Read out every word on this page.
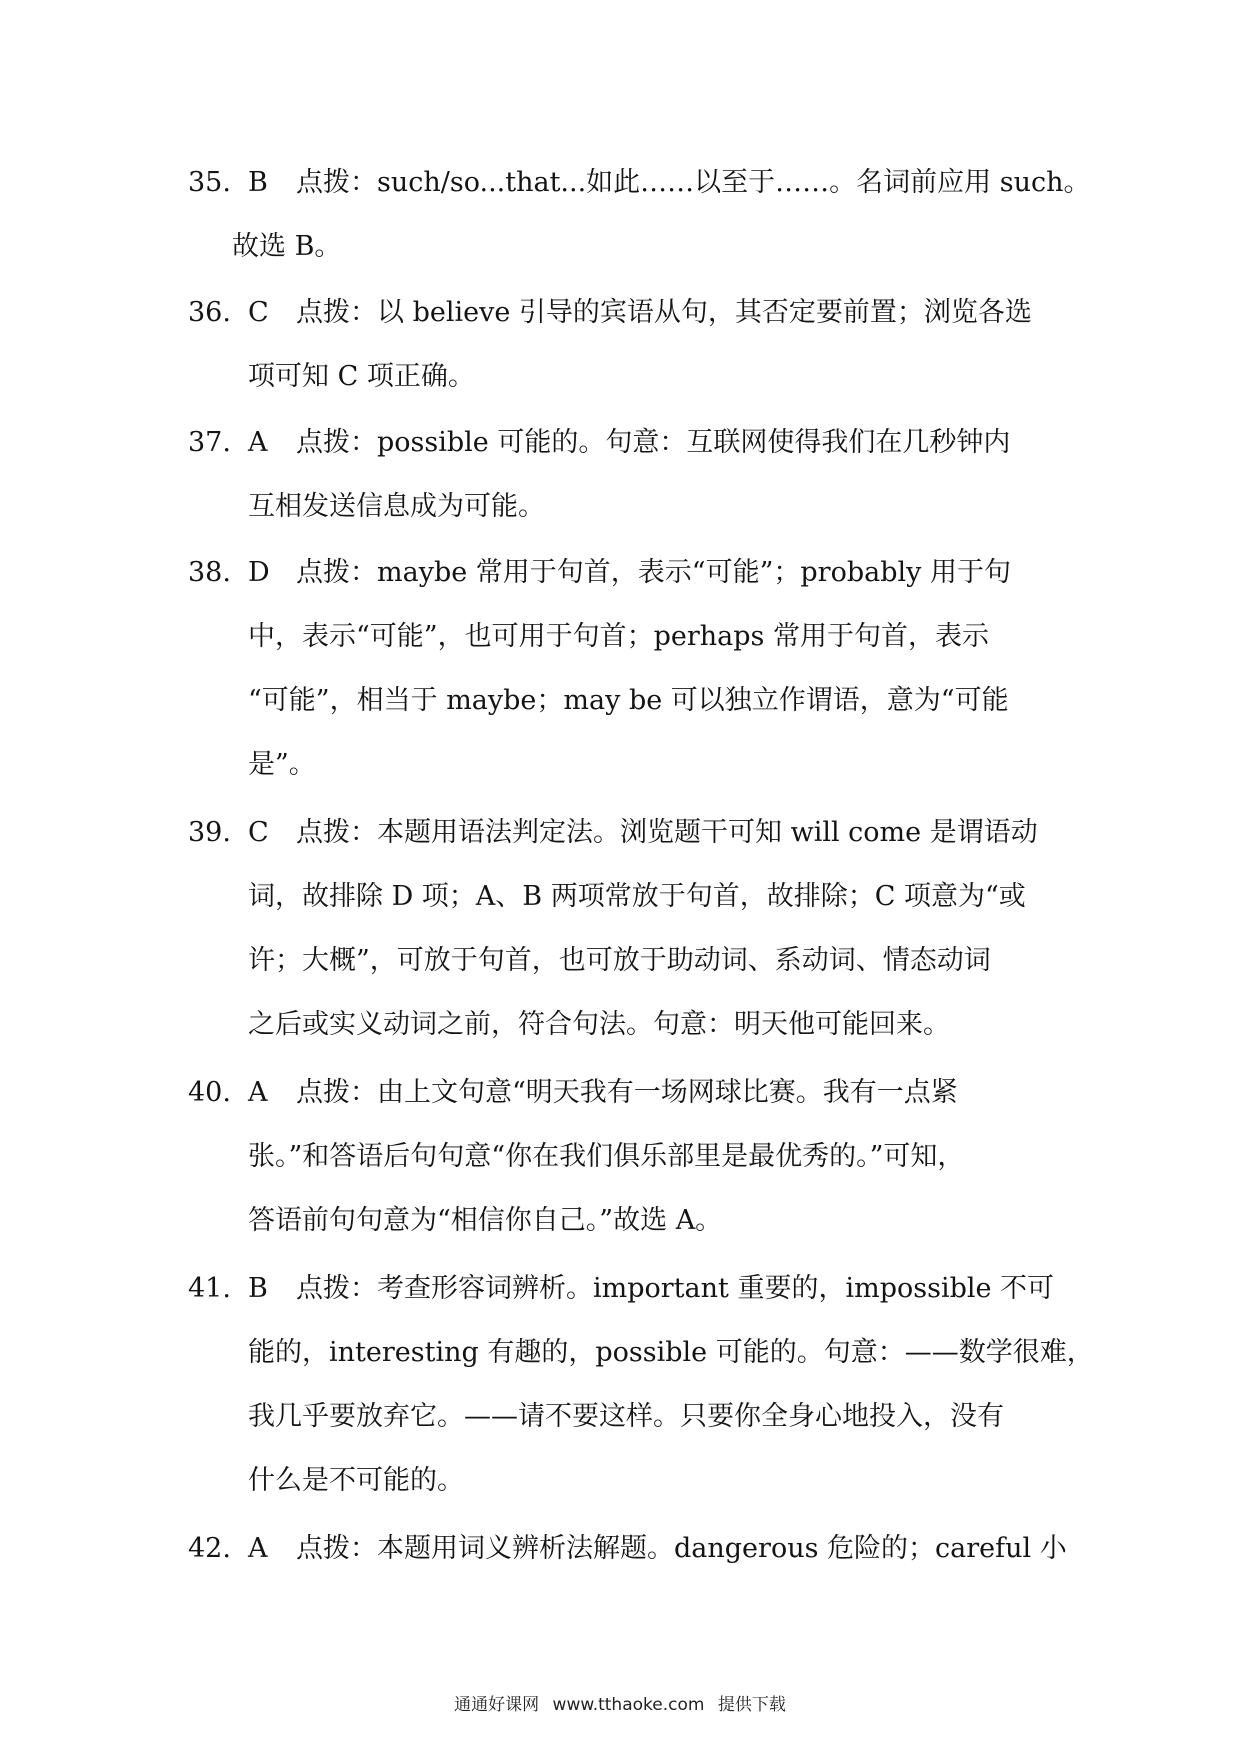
35. B 点拨：such/so...that...如此……以至于……。名词前应用 such。
故选 B。
36. C 点拨：以 believe 引导的宾语从句，其否定要前置；浏览各选
项可知 C 项正确。
37. A 点拨：possible 可能的。句意：互联网使得我们在几秒钟内
互相发送信息成为可能。
38. D 点拨：maybe 常用于句首，表示“可能”；probably 用于句
中，表示“可能”，也可用于句首；perhaps 常用于句首，表示
“可能”，相当于 maybe；may be 可以独立作谓语，意为“可能
是”。
39. C 点拨：本题用语法判定法。浏览题干可知 will come 是谓语动
词，故排除 D 项；A、B 两项常放于句首，故排除；C 项意为“或
许；大概”，可放于句首，也可放于助动词、系动词、情态动词
之后或实义动词之前，符合句法。句意：明天他可能回来。
40. A 点拨：由上文句意“明天我有一场网球比赛。我有一点紧
张。”和答语后句句意“你在我们俱乐部里是最优秀的。”可知，
答语前句句意为“相信你自己。”故选 A。
41. B 点拨：考查形容词辨析。important 重要的，impossible 不可
能的，interesting 有趣的，possible 可能的。句意：——数学很难，
我几乎要放弃它。——请不要这样。只要你全身心地投入，没有
什么是不可能的。
42. A 点拨：本题用词义辨析法解题。dangerous 危险的；careful 小
通通好课网 www.tthaoke.com 提供下载
